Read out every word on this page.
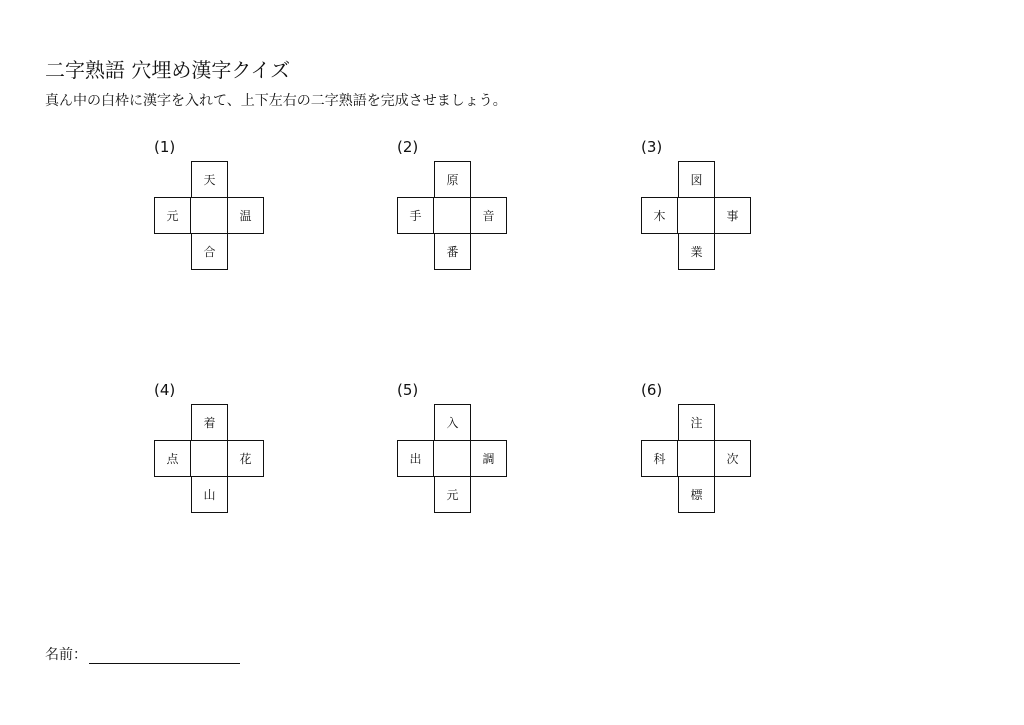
二字熟語 穴埋め漢字クイズ
真ん中の白枠に漢字を入れて、上下左右の二字熟語を完成させましょう。
(1)
天
元	温
合
(2)
原
手	音
番
(3)
図
木	事
業
(4)
着
点	花
山
(5)
入
出	調
元
(6)
注
科	次
標
名前：
